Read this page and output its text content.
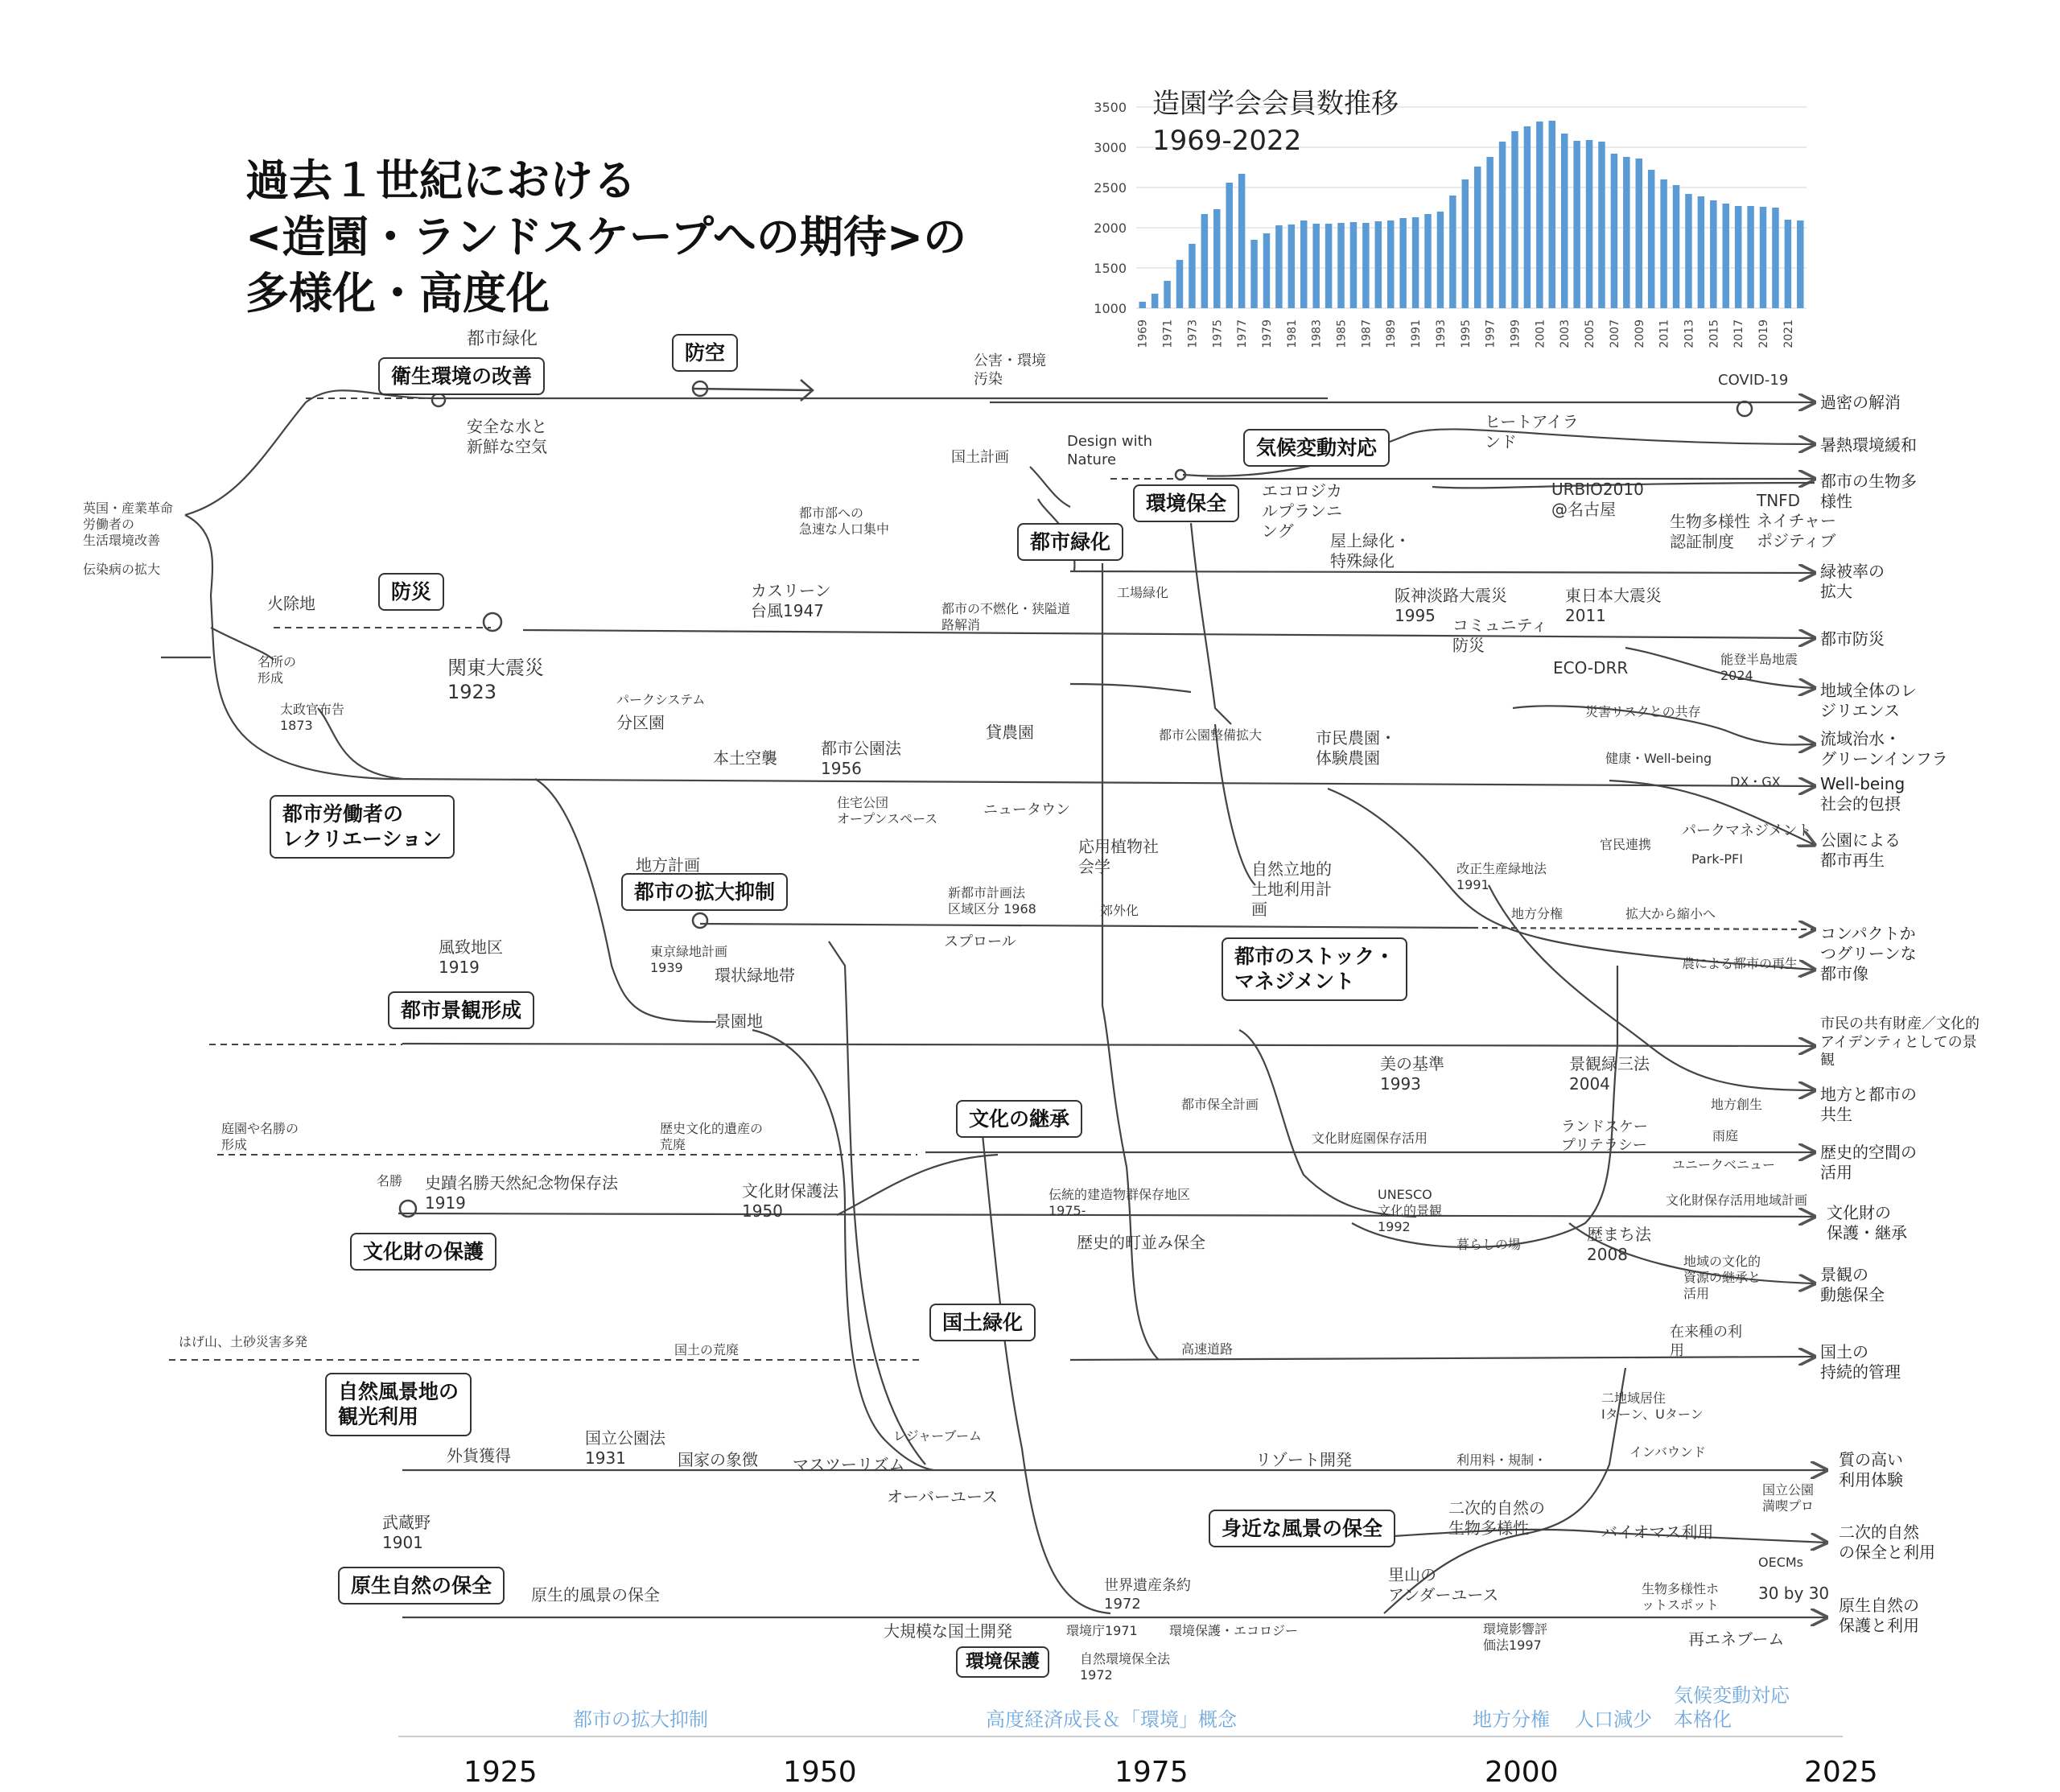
過去１世紀における
<造園・ランドスケープへの期待>の
多様化・高度化	1000
1500
2000
2500
3000
3500
1969 1971 1973 1975 1977 1979 1981 1983 1985 1987 1989 1991 1993 1995 1997 1999 2001 2003 2005 2007 2009 2011 2013 2015 2017 2019 2021
造園学会会員数推移
1969-2022
衛生環境の改善
防空
防災
都市労働者の
レクリエーション
都市の拡大抑制
都市景観形成
文化財の保護
自然風景地の
観光利用
原生自然の保全
環境保全
都市緑化
気候変動対応
都市のストック・
マネジメント
文化の継承
国土緑化
身近な風景の保全
環境保護
過密の解消
暑熱環境緩和
都市の生物多
様性
緑被率の
拡大
都市防災
地域全体のレ
ジリエンス
流域治水・
グリーンインフラ
Well-being
社会的包摂
公園による
都市再生
コンパクトか
つグリーンな
都市像
市民の共有財産／文化的
アイデンティとしての景
観
地方と都市の
共生
歴史的空間の
活用
文化財の
保護・継承
景観の
動態保全
国土の
持続的管理
質の高い
利用体験
二次的自然
の保全と利用
原生自然の
保護と利用
都市緑化
安全な水と
新鮮な空気
公害・環境
汚染	COVID-19
国土計画
Design with
Nature
ヒートアイラ
ンド
エコロジカ
ルプランニ
ング
URBIO2010
@名古屋	TNFD
ネイチャー
ポジティブ
生物多様性
認証制度
屋上緑化・
特殊緑化
英国・産業革命
労働者の
生活環境改善
伝染病の拡大
都市部への
急速な人口集中
火除地
カスリーン
台風1947	都市の不燃化・狭隘道
路解消
工場緑化	阪神淡路大震災
1995
東日本大震災
2011
コミュニティ
防災
関東大震災
1923
名所の
形成
太政官布告
1873
パークシステム
分区園
ECO-DRR	能登半島地震
2024
災害リスクとの共存
本土空襲	都市公園法
1956
貸農園	都市公園整備拡大	市民農園・
体験農園	健康・Well-being
DX・GX
住宅公団
オープンスペース
ニュータウン
応用植物社
会学	自然立地的
土地利用計
画
パークマネジメント
官民連携
Park-PFI
改正生産緑地法
1991
地方計画
新都市計画法
区域区分 1968	郊外化	地方分権	拡大から縮小へ
スプロール
風致地区
1919
東京緑地計画
1939	環状緑地帯
農による都市の再生
景園地
美の基準
1993
景観緑三法
2004
都市保全計画	地方創生
庭園や名勝の
形成
歴史文化的遺産の
荒廃	文化財庭園保存活用
ランドスケー
プリテラシー
雨庭
ユニークベニュー
名勝 史蹟名勝天然紀念物保存法
1919
文化財保護法
1950
伝統的建造物群保存地区
1975-
UNESCO
文化的景観
1992
文化財保存活用地域計画
歴史的町並み保全	暮らしの場
歴まち法
2008	地域の文化的
資源の継承と
活用
はげ山、土砂災害多発
国土の荒廃	高速道路
在来種の利
用
二地域居住
Iターン、Uターン
レジャーブーム
外貨獲得
国立公園法
1931	国家の象徴 マスツーリズム	リゾート開発	利用料・規制・
インバウンド
国立公園
満喫プロ
オーバーユース
武蔵野
1901
二次的自然の
生物多様性	バイオマス利用
OECMs
原生的風景の保全	世界遺産条約
1972
里山の
アンダーユース	生物多様性ホ
ットスポット
30 by 30
大規模な国土開発	環境庁1971 環境保護・エコロジー	環境影響評
価法1997	再エネブーム
自然環境保全法
1972
都市の拡大抑制	高度経済成長＆「環境」概念	地方分権 人口減少
気候変動対応
本格化
1925	1950	1975	2000	2025
